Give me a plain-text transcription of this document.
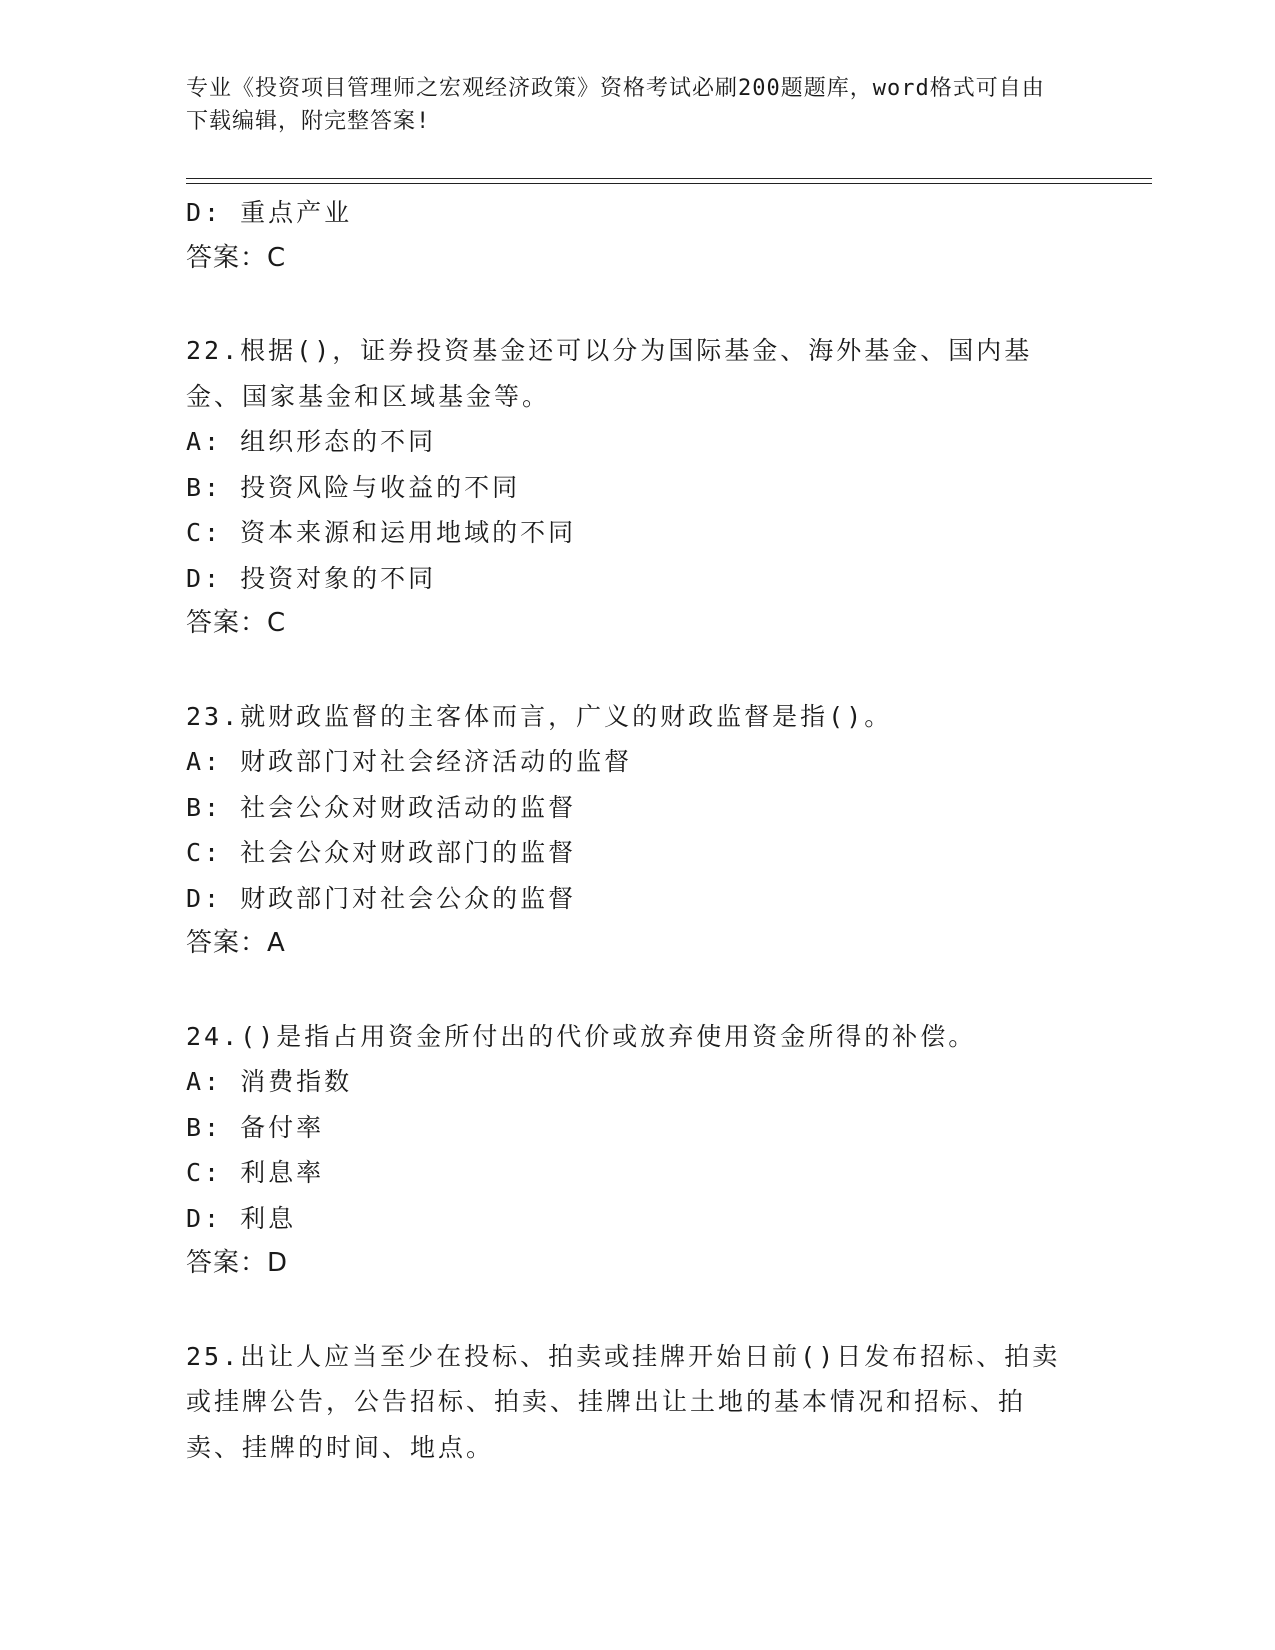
专业《投资项目管理师之宏观经济政策》资格考试必刷200题题库，word格式可自由下载编辑，附完整答案!
D: 重点产业
答案：C
22.根据()，证券投资基金还可以分为国际基金、海外基金、国内基金、国家基金和区域基金等。
A: 组织形态的不同
B: 投资风险与收益的不同
C: 资本来源和运用地域的不同
D: 投资对象的不同
答案：C
23.就财政监督的主客体而言，广义的财政监督是指()。
A: 财政部门对社会经济活动的监督
B: 社会公众对财政活动的监督
C: 社会公众对财政部门的监督
D: 财政部门对社会公众的监督
答案：A
24.()是指占用资金所付出的代价或放弃使用资金所得的补偿。
A: 消费指数
B: 备付率
C: 利息率
D: 利息
答案：D
25.出让人应当至少在投标、拍卖或挂牌开始日前()日发布招标、拍卖或挂牌公告，公告招标、拍卖、挂牌出让土地的基本情况和招标、拍卖、挂牌的时间、地点。
